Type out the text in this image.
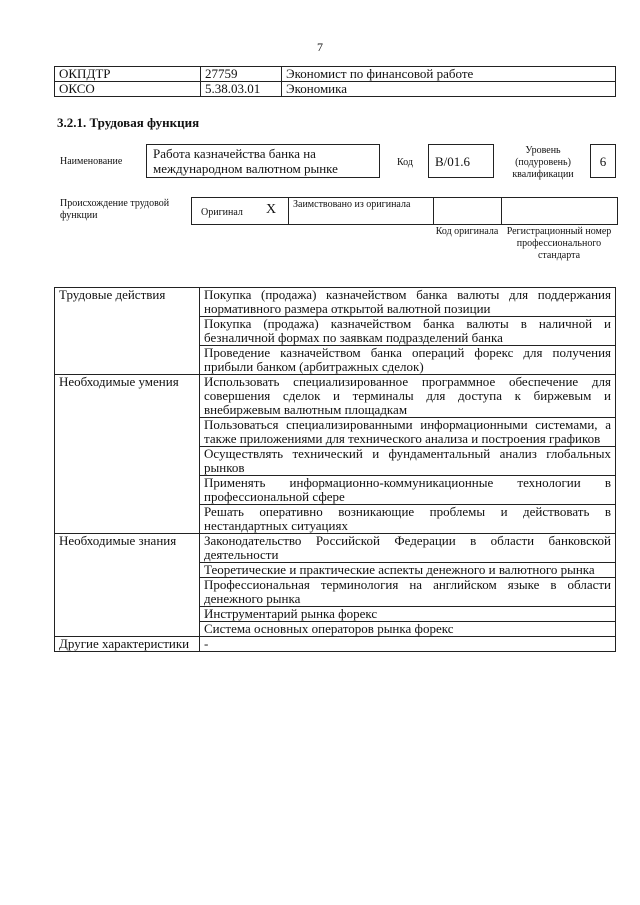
7
ОКПДТР	27759	Экономист по финансовой работе
ОКСО	5.38.03.01	Экономика
3.2.1. Трудовая функция
Наименование
Работа казначейства банка на международном валютном рынке	Код	B/01.6
Уровень (подуровень) квалификации
6
Происхождение трудовой функции	Оригинал X Заимствовано из оригинала
Код оригинала Регистрационный номер профессионального стандарта
Трудовые действия	Покупка (продажа) казначейством банка валюты для поддержания нормативного размера открытой валютной позиции
	Покупка (продажа) казначейством банка валюты в наличной и безналичной формах по заявкам подразделений банка
	Проведение казначейством банка операций форекс для получения прибыли банком (арбитражных сделок)
Необходимые умения	Использовать специализированное программное обеспечение для совершения сделок и терминалы для доступа к биржевым и внебиржевым валютным площадкам
	Пользоваться специализированными информационными системами, а также приложениями для технического анализа и построения графиков
	Осуществлять технический и фундаментальный анализ глобальных рынков
	Применять информационно-коммуникационные технологии в профессиональной сфере
	Решать оперативно возникающие проблемы и действовать в нестандартных ситуациях
Необходимые знания	Законодательство Российской Федерации в области банковской деятельности
	Теоретические и практические аспекты денежного и валютного рынка
	Профессиональная терминология на английском языке в области денежного рынка
	Инструментарий рынка форекс
	Система основных операторов рынка форекс
Другие характеристики	-
